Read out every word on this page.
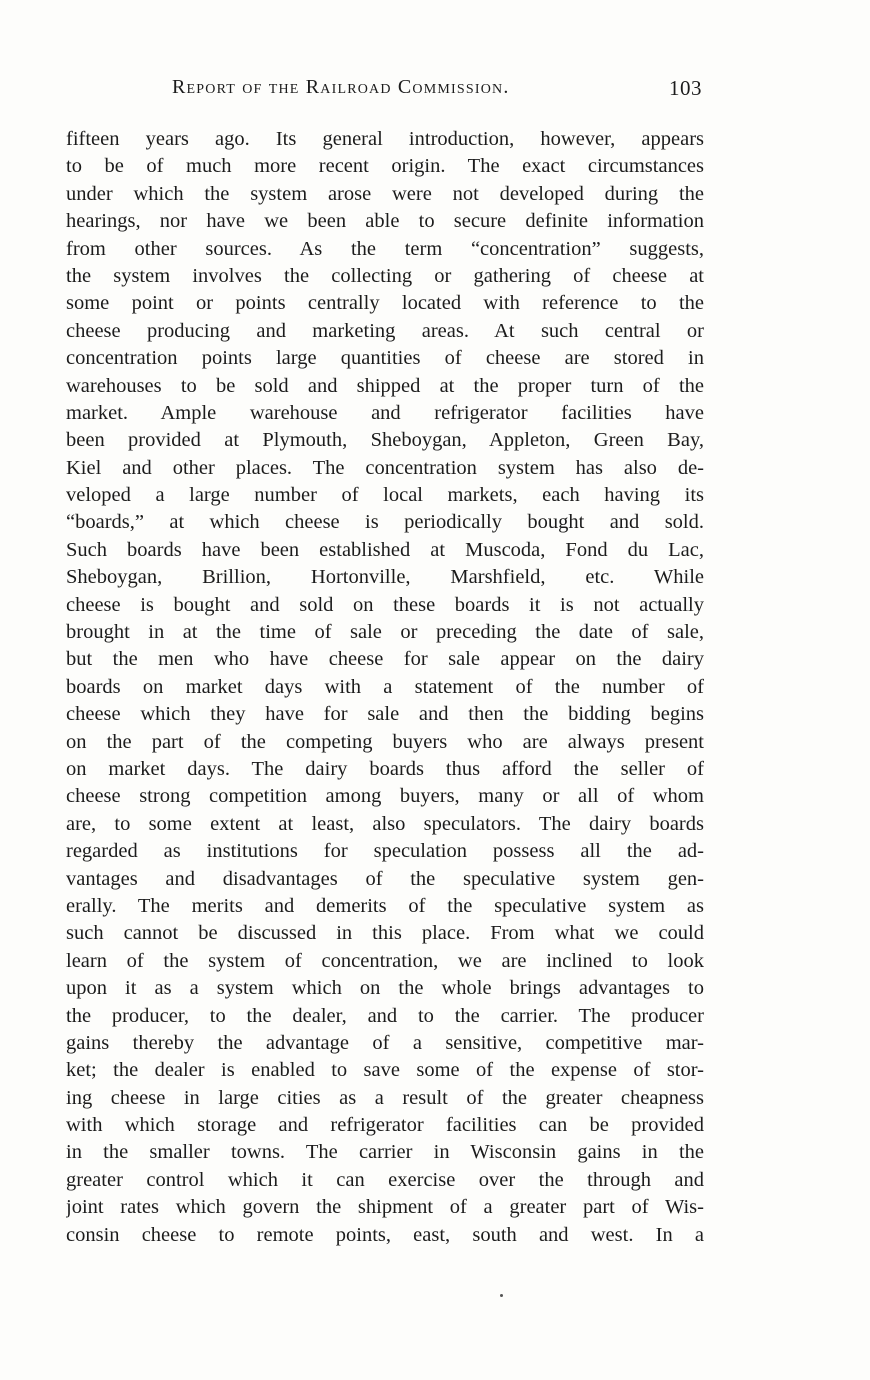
Report of the Railroad Commission.	103
fifteen years ago. Its general introduction, however, appears
to be of much more recent origin. The exact circumstances
under which the system arose were not developed during the
hearings, nor have we been able to secure definite information
from other sources. As the term “concentration” suggests,
the system involves the collecting or gathering of cheese at
some point or points centrally located with reference to the
cheese producing and marketing areas. At such central or
concentration points large quantities of cheese are stored in
warehouses to be sold and shipped at the proper turn of the
market. Ample warehouse and refrigerator facilities have
been provided at Plymouth, Sheboygan, Appleton, Green Bay,
Kiel and other places. The concentration system has also de-
veloped a large number of local markets, each having its
“boards,” at which cheese is periodically bought and sold.
Such boards have been established at Muscoda, Fond du Lac,
Sheboygan, Brillion, Hortonville, Marshfield, etc. While
cheese is bought and sold on these boards it is not actually
brought in at the time of sale or preceding the date of sale,
but the men who have cheese for sale appear on the dairy
boards on market days with a statement of the number of
cheese which they have for sale and then the bidding begins
on the part of the competing buyers who are always present
on market days. The dairy boards thus afford the seller of
cheese strong competition among buyers, many or all of whom
are, to some extent at least, also speculators. The dairy boards
regarded as institutions for speculation possess all the ad-
vantages and disadvantages of the speculative system gen-
erally. The merits and demerits of the speculative system as
such cannot be discussed in this place. From what we could
learn of the system of concentration, we are inclined to look
upon it as a system which on the whole brings advantages to
the producer, to the dealer, and to the carrier. The producer
gains thereby the advantage of a sensitive, competitive mar-
ket; the dealer is enabled to save some of the expense of stor-
ing cheese in large cities as a result of the greater cheapness
with which storage and refrigerator facilities can be provided
in the smaller towns. The carrier in Wisconsin gains in the
greater control which it can exercise over the through and
joint rates which govern the shipment of a greater part of Wis-
consin cheese to remote points, east, south and west. In a
